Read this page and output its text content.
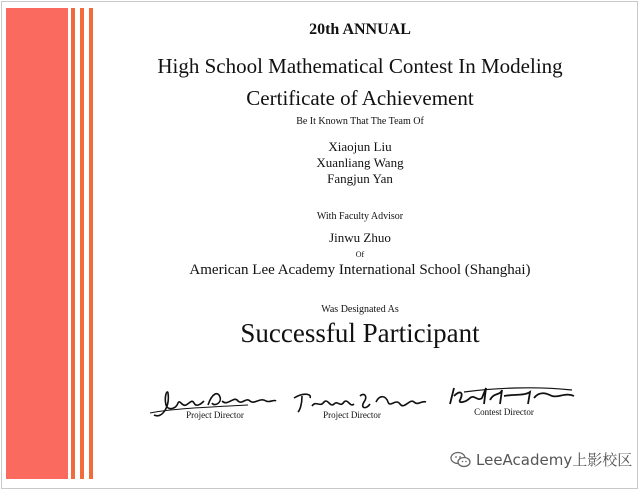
20th ANNUAL
High School Mathematical Contest In Modeling
Certificate of Achievement
Be It Known That The Team Of
Xiaojun Liu
Xuanliang Wang
Fangjun Yan
With Faculty Advisor
Jinwu Zhuo
Of
American Lee Academy International School (Shanghai)
Was Designated As
Successful Participant
Project Director	Project Director	Contest Director
LeeAcademy上影校区
